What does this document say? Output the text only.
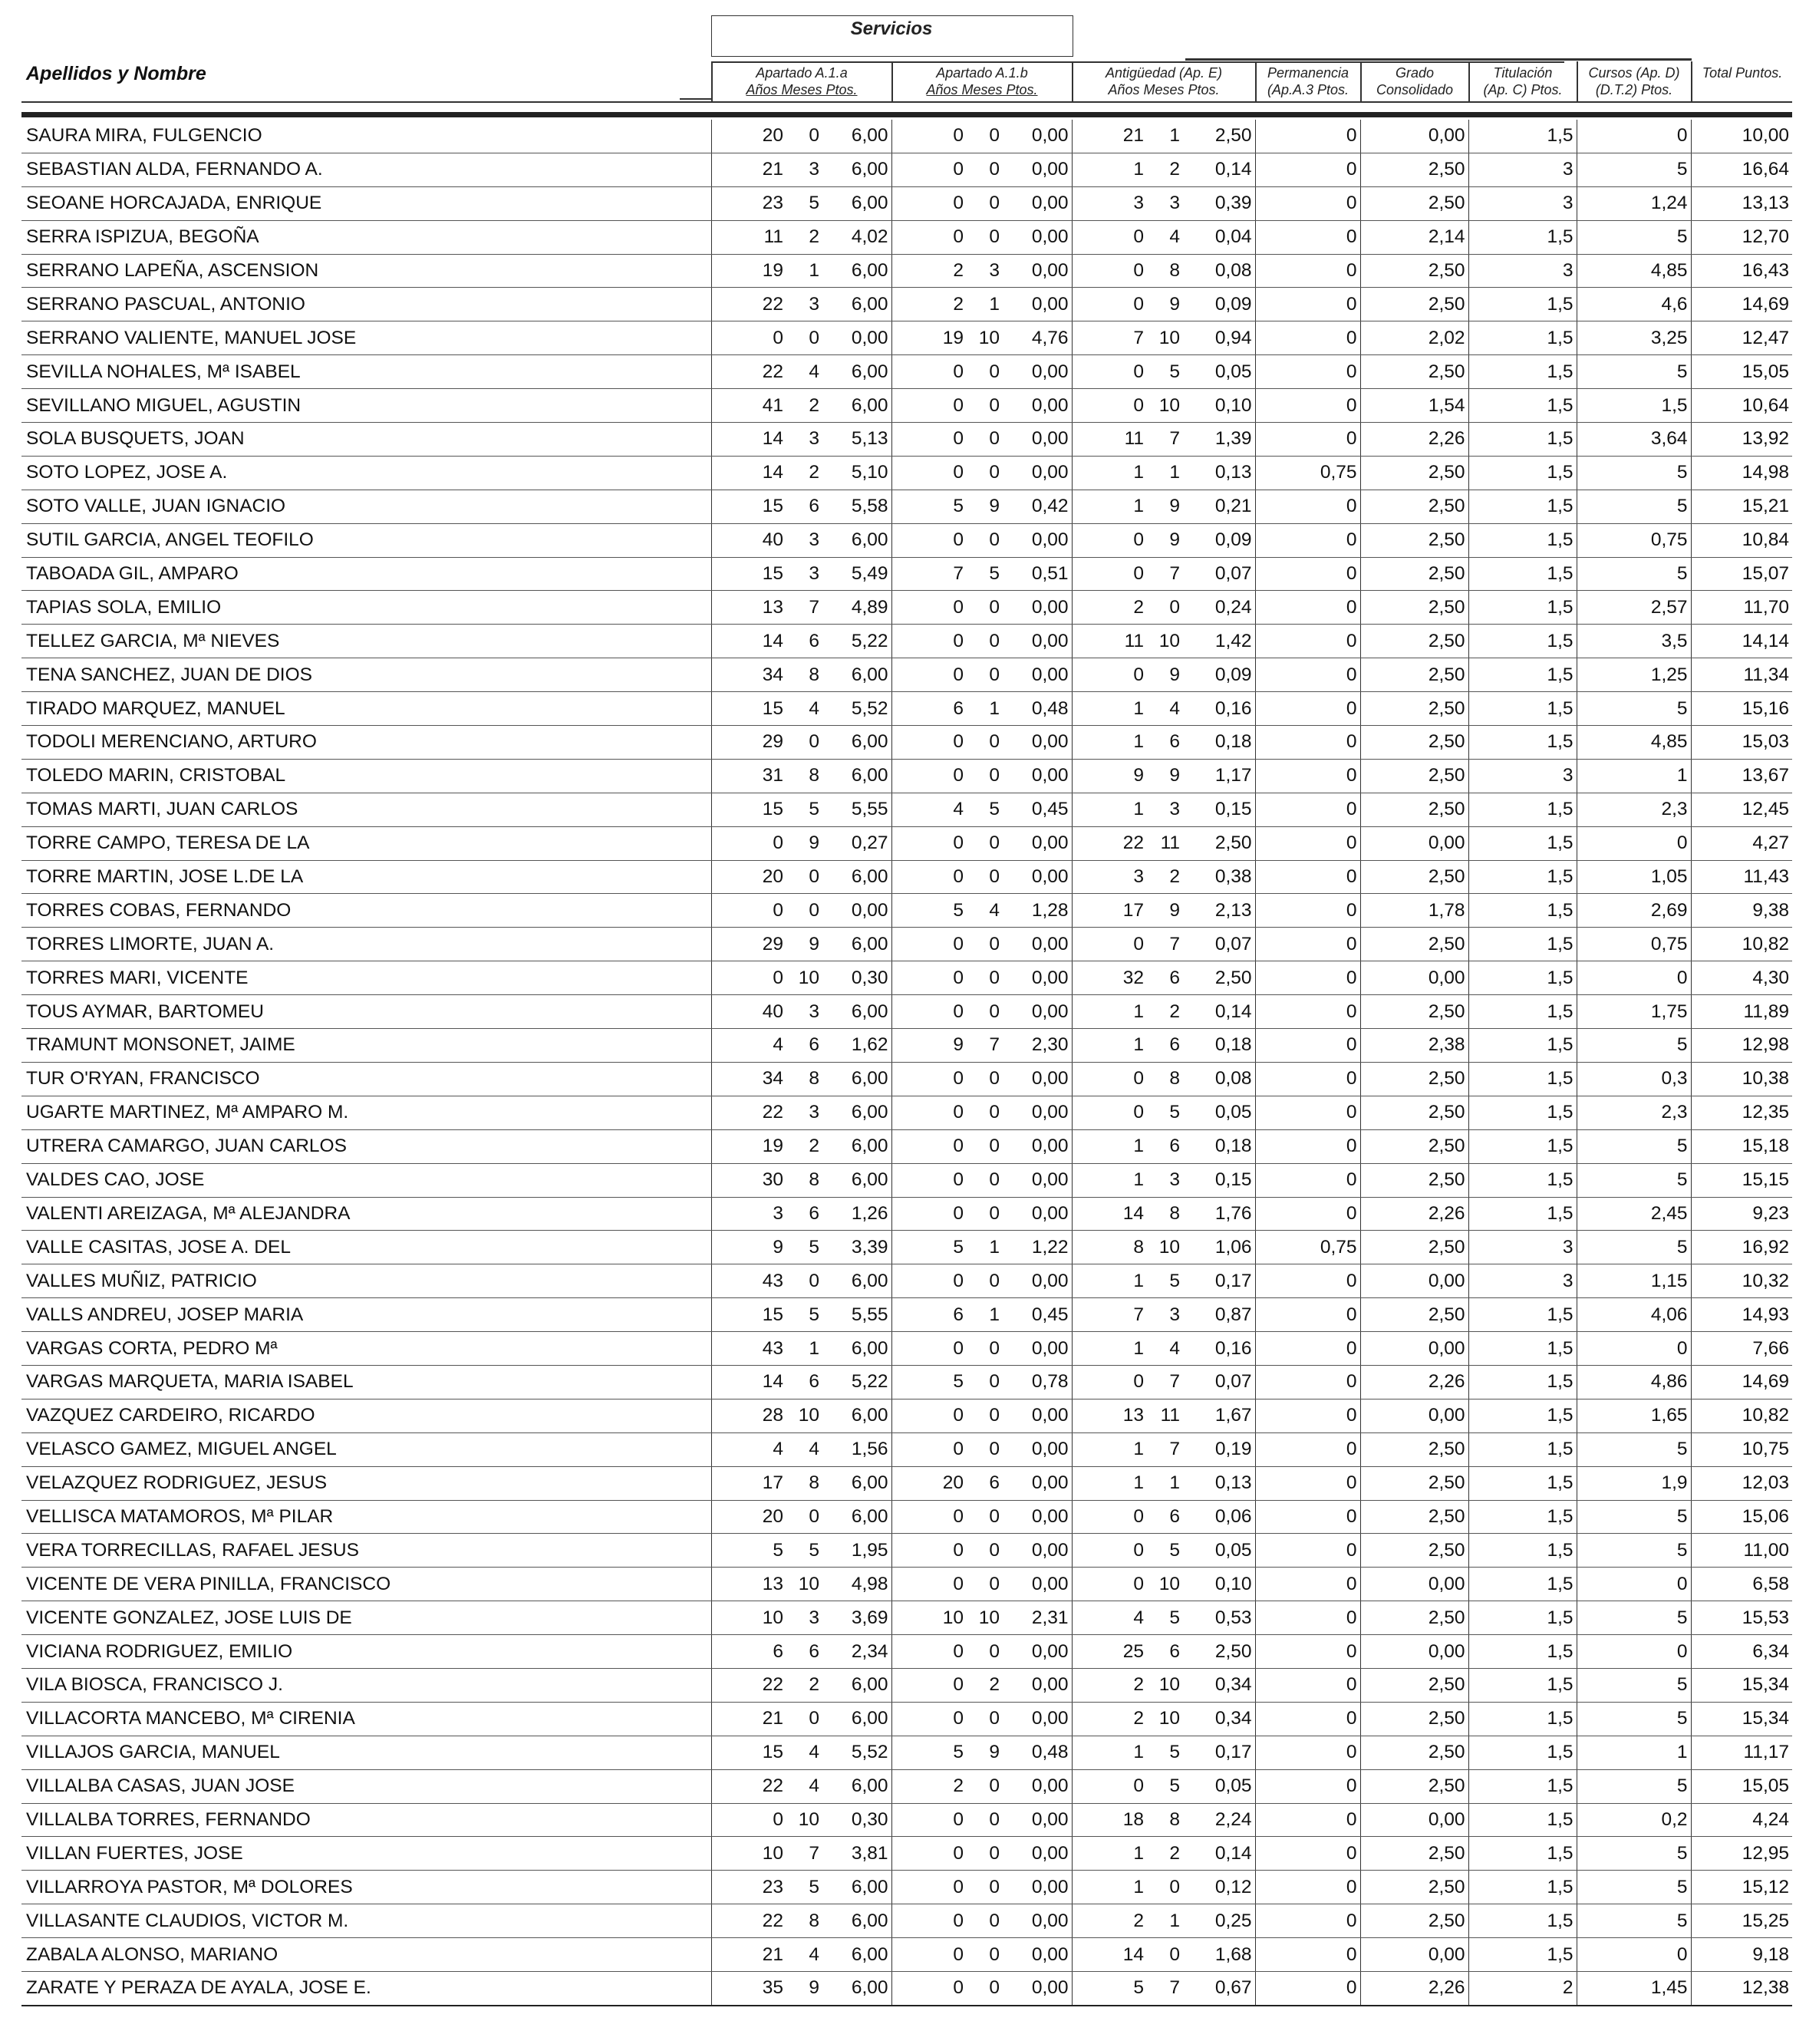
Servicios
Apellidos y Nombre	Apartado A.1.a
Años Meses Ptos.
Apartado A.1.b
Años Meses Ptos.
Antigüedad (Ap. E)
Años Meses Ptos.
Permanencia
(Ap.A.3 Ptos.
Grado
Consolidado
Titulación
(Ap. C) Ptos.
Cursos (Ap. D)
(D.T.2) Ptos.
Total Puntos.
SAURA MIRA, FULGENCIO	20	0	6,00	0	0	0,00	21	1	2,50	0	0,00	1,5	0	10,00
SEBASTIAN ALDA, FERNANDO A.	21	3	6,00	0	0	0,00	1	2	0,14	0	2,50	3	5	16,64
SEOANE HORCAJADA, ENRIQUE	23	5	6,00	0	0	0,00	3	3	0,39	0	2,50	3	1,24	13,13
SERRA ISPIZUA, BEGOÑA	11	2	4,02	0	0	0,00	0	4	0,04	0	2,14	1,5	5	12,70
SERRANO LAPEÑA, ASCENSION	19	1	6,00	2	3	0,00	0	8	0,08	0	2,50	3	4,85	16,43
SERRANO PASCUAL, ANTONIO	22	3	6,00	2	1	0,00	0	9	0,09	0	2,50	1,5	4,6	14,69
SERRANO VALIENTE, MANUEL JOSE	0	0	0,00	19	10	4,76	7	10	0,94	0	2,02	1,5	3,25	12,47
SEVILLA NOHALES, Mª ISABEL	22	4	6,00	0	0	0,00	0	5	0,05	0	2,50	1,5	5	15,05
SEVILLANO MIGUEL, AGUSTIN	41	2	6,00	0	0	0,00	0	10	0,10	0	1,54	1,5	1,5	10,64
SOLA BUSQUETS, JOAN	14	3	5,13	0	0	0,00	11	7	1,39	0	2,26	1,5	3,64	13,92
SOTO LOPEZ, JOSE A.	14	2	5,10	0	0	0,00	1	1	0,13	0,75	2,50	1,5	5	14,98
SOTO VALLE, JUAN IGNACIO	15	6	5,58	5	9	0,42	1	9	0,21	0	2,50	1,5	5	15,21
SUTIL GARCIA, ANGEL TEOFILO	40	3	6,00	0	0	0,00	0	9	0,09	0	2,50	1,5	0,75	10,84
TABOADA GIL, AMPARO	15	3	5,49	7	5	0,51	0	7	0,07	0	2,50	1,5	5	15,07
TAPIAS SOLA, EMILIO	13	7	4,89	0	0	0,00	2	0	0,24	0	2,50	1,5	2,57	11,70
TELLEZ GARCIA, Mª NIEVES	14	6	5,22	0	0	0,00	11	10	1,42	0	2,50	1,5	3,5	14,14
TENA SANCHEZ, JUAN DE DIOS	34	8	6,00	0	0	0,00	0	9	0,09	0	2,50	1,5	1,25	11,34
TIRADO MARQUEZ, MANUEL	15	4	5,52	6	1	0,48	1	4	0,16	0	2,50	1,5	5	15,16
TODOLI MERENCIANO, ARTURO	29	0	6,00	0	0	0,00	1	6	0,18	0	2,50	1,5	4,85	15,03
TOLEDO MARIN, CRISTOBAL	31	8	6,00	0	0	0,00	9	9	1,17	0	2,50	3	1	13,67
TOMAS MARTI, JUAN CARLOS	15	5	5,55	4	5	0,45	1	3	0,15	0	2,50	1,5	2,3	12,45
TORRE CAMPO, TERESA DE LA	0	9	0,27	0	0	0,00	22	11	2,50	0	0,00	1,5	0	4,27
TORRE MARTIN, JOSE L.DE LA	20	0	6,00	0	0	0,00	3	2	0,38	0	2,50	1,5	1,05	11,43
TORRES COBAS, FERNANDO	0	0	0,00	5	4	1,28	17	9	2,13	0	1,78	1,5	2,69	9,38
TORRES LIMORTE, JUAN A.	29	9	6,00	0	0	0,00	0	7	0,07	0	2,50	1,5	0,75	10,82
TORRES MARI, VICENTE	0	10	0,30	0	0	0,00	32	6	2,50	0	0,00	1,5	0	4,30
TOUS AYMAR, BARTOMEU	40	3	6,00	0	0	0,00	1	2	0,14	0	2,50	1,5	1,75	11,89
TRAMUNT MONSONET, JAIME	4	6	1,62	9	7	2,30	1	6	0,18	0	2,38	1,5	5	12,98
TUR O'RYAN, FRANCISCO	34	8	6,00	0	0	0,00	0	8	0,08	0	2,50	1,5	0,3	10,38
UGARTE MARTINEZ, Mª AMPARO M.	22	3	6,00	0	0	0,00	0	5	0,05	0	2,50	1,5	2,3	12,35
UTRERA CAMARGO, JUAN CARLOS	19	2	6,00	0	0	0,00	1	6	0,18	0	2,50	1,5	5	15,18
VALDES CAO, JOSE	30	8	6,00	0	0	0,00	1	3	0,15	0	2,50	1,5	5	15,15
VALENTI AREIZAGA, Mª ALEJANDRA	3	6	1,26	0	0	0,00	14	8	1,76	0	2,26	1,5	2,45	9,23
VALLE CASITAS, JOSE A. DEL	9	5	3,39	5	1	1,22	8	10	1,06	0,75	2,50	3	5	16,92
VALLES MUÑIZ, PATRICIO	43	0	6,00	0	0	0,00	1	5	0,17	0	0,00	3	1,15	10,32
VALLS ANDREU, JOSEP MARIA	15	5	5,55	6	1	0,45	7	3	0,87	0	2,50	1,5	4,06	14,93
VARGAS CORTA, PEDRO Mª	43	1	6,00	0	0	0,00	1	4	0,16	0	0,00	1,5	0	7,66
VARGAS MARQUETA, MARIA ISABEL	14	6	5,22	5	0	0,78	0	7	0,07	0	2,26	1,5	4,86	14,69
VAZQUEZ CARDEIRO, RICARDO	28	10	6,00	0	0	0,00	13	11	1,67	0	0,00	1,5	1,65	10,82
VELASCO GAMEZ, MIGUEL ANGEL	4	4	1,56	0	0	0,00	1	7	0,19	0	2,50	1,5	5	10,75
VELAZQUEZ RODRIGUEZ, JESUS	17	8	6,00	20	6	0,00	1	1	0,13	0	2,50	1,5	1,9	12,03
VELLISCA MATAMOROS, Mª PILAR	20	0	6,00	0	0	0,00	0	6	0,06	0	2,50	1,5	5	15,06
VERA TORRECILLAS, RAFAEL JESUS	5	5	1,95	0	0	0,00	0	5	0,05	0	2,50	1,5	5	11,00
VICENTE DE VERA PINILLA, FRANCISCO	13	10	4,98	0	0	0,00	0	10	0,10	0	0,00	1,5	0	6,58
VICENTE GONZALEZ, JOSE LUIS DE	10	3	3,69	10	10	2,31	4	5	0,53	0	2,50	1,5	5	15,53
VICIANA RODRIGUEZ, EMILIO	6	6	2,34	0	0	0,00	25	6	2,50	0	0,00	1,5	0	6,34
VILA BIOSCA, FRANCISCO J.	22	2	6,00	0	2	0,00	2	10	0,34	0	2,50	1,5	5	15,34
VILLACORTA MANCEBO, Mª CIRENIA	21	0	6,00	0	0	0,00	2	10	0,34	0	2,50	1,5	5	15,34
VILLAJOS GARCIA, MANUEL	15	4	5,52	5	9	0,48	1	5	0,17	0	2,50	1,5	1	11,17
VILLALBA CASAS, JUAN JOSE	22	4	6,00	2	0	0,00	0	5	0,05	0	2,50	1,5	5	15,05
VILLALBA TORRES, FERNANDO	0	10	0,30	0	0	0,00	18	8	2,24	0	0,00	1,5	0,2	4,24
VILLAN FUERTES, JOSE	10	7	3,81	0	0	0,00	1	2	0,14	0	2,50	1,5	5	12,95
VILLARROYA PASTOR, Mª DOLORES	23	5	6,00	0	0	0,00	1	0	0,12	0	2,50	1,5	5	15,12
VILLASANTE CLAUDIOS, VICTOR M.	22	8	6,00	0	0	0,00	2	1	0,25	0	2,50	1,5	5	15,25
ZABALA ALONSO, MARIANO	21	4	6,00	0	0	0,00	14	0	1,68	0	0,00	1,5	0	9,18
ZARATE Y PERAZA DE AYALA, JOSE E.	35	9	6,00	0	0	0,00	5	7	0,67	0	2,26	2	1,45	12,38
